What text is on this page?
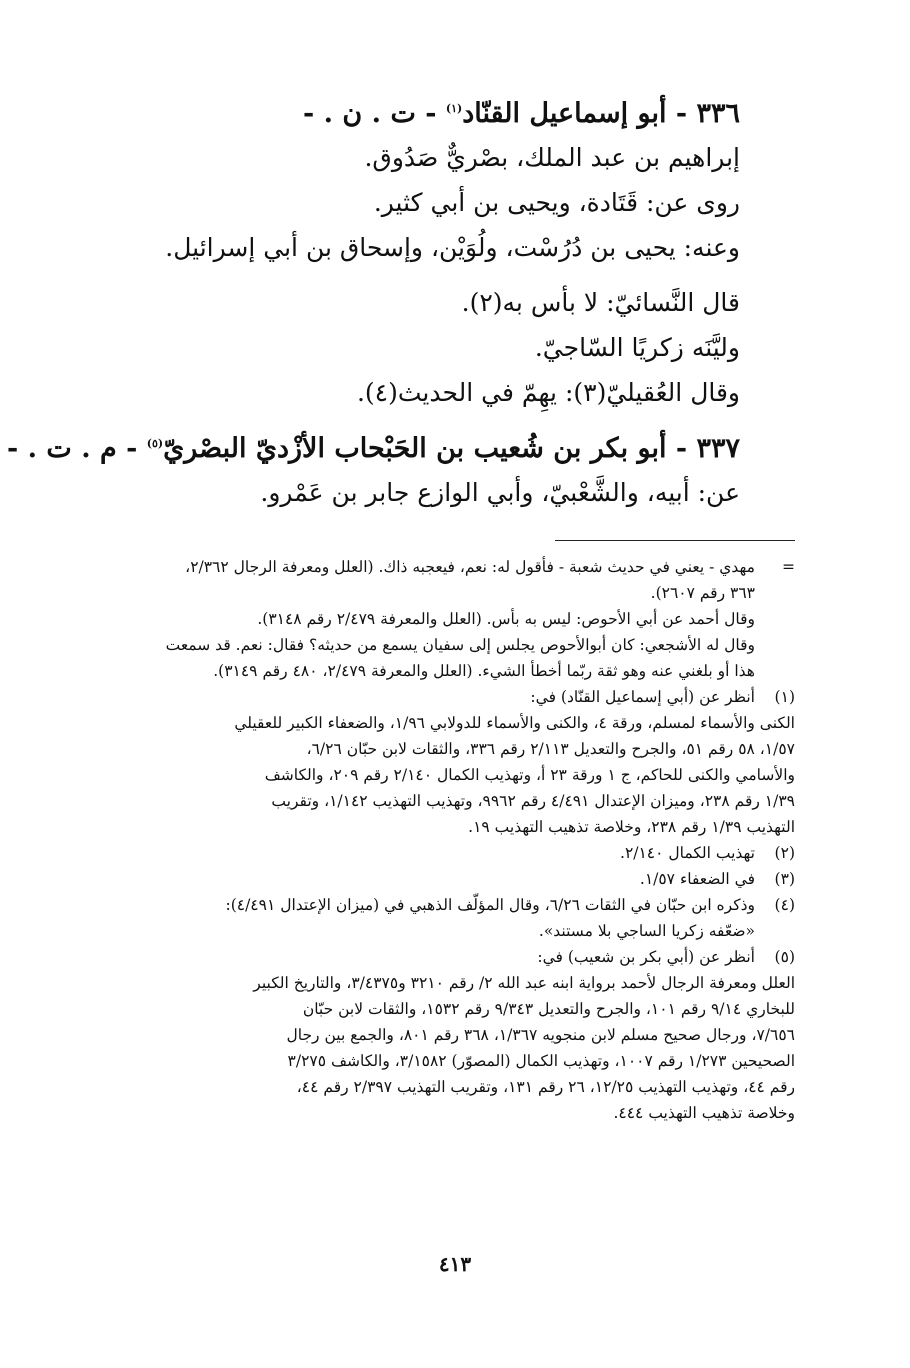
٣٣٦ - أبو إسماعيل القنّاد$^{(١)}$ - ت . ن . -
إبراهيم بن عبد الملك، بصْريٌّ صَدُوق.
روى عن: قَتَادة، ويحيى بن أبي كثير.
وعنه: يحيى بن دُرُسْت، ولُوَيْن، وإسحاق بن أبي إسرائيل.
قال النَّسائيّ: لا بأس به(٢).
وليَّنَه زكريًا السّاجيّ.
وقال العُقيليّ(٣): يهِمّ في الحديث(٤).
٣٣٧ - أبو بكر بن شُعيب بن الحَبْحاب الأزْديّ البصْريّ$^{(٥)}$ - م . ت . -
عن: أبيه، والشَّعْبيّ، وأبي الوازع جابر بن عَمْرو.
=
مهدي - يعني في حديث شعبة - فأقول له: نعم، فيعجبه ذاك. (العلل ومعرفة الرجال ٢/٣٦٢،
٣٦٣ رقم ٢٦٠٧).
وقال أحمد عن أبي الأحوص: ليس به بأس. (العلل والمعرفة ٢/٤٧٩ رقم ٣١٤٨).
وقال له الأشجعي: كان أبوالأحوص يجلس إلى سفيان يسمع من حديثه؟ فقال: نعم. قد سمعت
هذا أو بلغني عنه وهو ثقة ربّما أخطأ الشيء. (العلل والمعرفة ٢/٤٧٩، ٤٨٠ رقم ٣١٤٩).
(١)
أنظر عن (أبي إسماعيل القنّاد) في:
الكنى والأسماء لمسلم، ورقة ٤، والكنى والأسماء للدولابي ١/٩٦، والضعفاء الكبير للعقيلي
١/٥٧، ٥٨ رقم ٥١، والجرح والتعديل ٢/١١٣ رقم ٣٣٦، والثقات لابن حبّان ٦/٢٦،
والأسامي والكنى للحاكم، ج ١ ورقة ٢٣ أ، وتهذيب الكمال ٢/١٤٠ رقم ٢٠٩، والكاشف
١/٣٩ رقم ٢٣٨، وميزان الإعتدال ٤/٤٩١ رقم ٩٩٦٢، وتهذيب التهذيب ١/١٤٢، وتقريب
التهذيب ١/٣٩ رقم ٢٣٨، وخلاصة تذهيب التهذيب ١٩.
(٢)
تهذيب الكمال ٢/١٤٠.
(٣)
في الضعفاء ١/٥٧.
(٤)
وذكره ابن حبّان في الثقات ٦/٢٦، وقال المؤلّف الذهبي في (ميزان الإعتدال ٤/٤٩١):
«ضعّفه زكريا الساجي بلا مستند».
(٥)
أنظر عن (أبي بكر بن شعيب) في:
العلل ومعرفة الرجال لأحمد برواية ابنه عبد الله ٢/ رقم ٣٢١٠ و٣/٤٣٧٥، والتاريخ الكبير
للبخاري ٩/١٤ رقم ١٠١، والجرح والتعديل ٩/٣٤٣ رقم ١٥٣٢، والثقات لابن حبّان
٧/٦٥٦، ورجال صحيح مسلم لابن منجويه ١/٣٦٧، ٣٦٨ رقم ٨٠١، والجمع بين رجال
الصحيحين ١/٢٧٣ رقم ١٠٠٧، وتهذيب الكمال (المصوّر) ٣/١٥٨٢، والكاشف ٣/٢٧٥
رقم ٤٤، وتهذيب التهذيب ١٢/٢٥، ٢٦ رقم ١٣١، وتقريب التهذيب ٢/٣٩٧ رقم ٤٤،
وخلاصة تذهيب التهذيب ٤٤٤.
٤١٣
